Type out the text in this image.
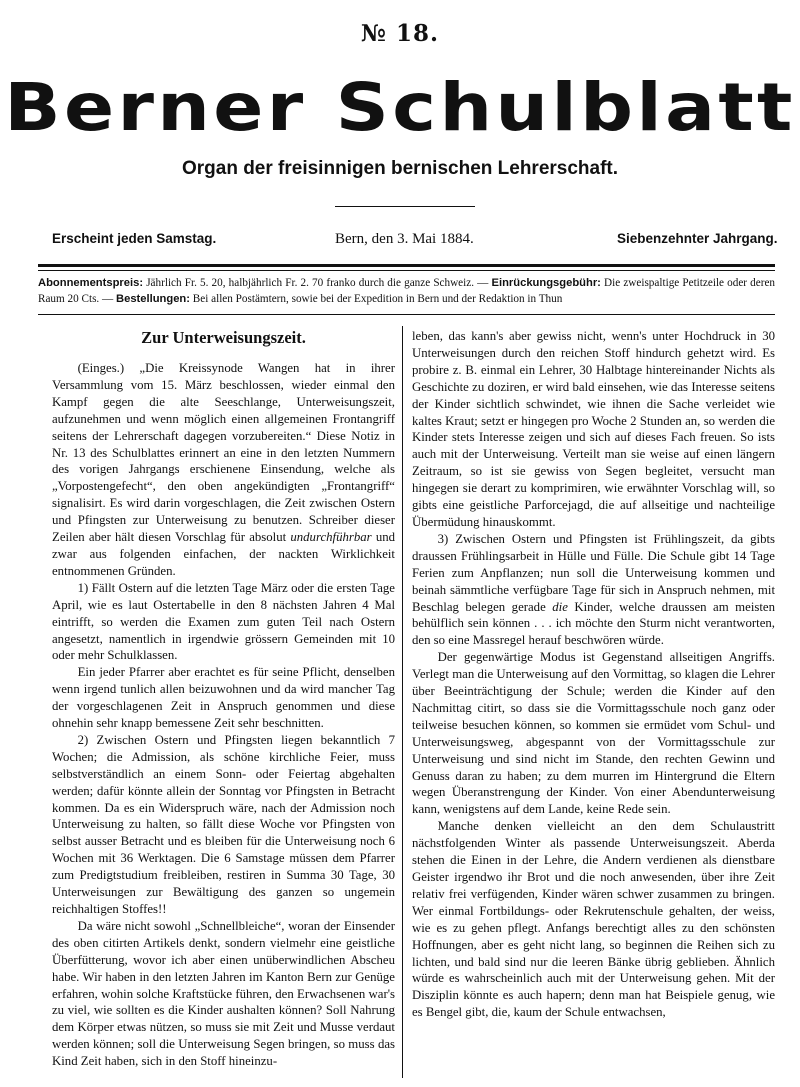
№ 18.
Berner Schulblatt
Organ der freisinnigen bernischen Lehrerschaft.
Erscheint jeden Samstag.	Bern, den 3. Mai 1884.	Siebenzehnter Jahrgang.
Abonnementspreis: Jährlich Fr. 5. 20, halbjährlich Fr. 2. 70 franko durch die ganze Schweiz. — Einrückungsgebühr: Die zweispaltige Petitzeile oder deren Raum 20 Cts. — Bestellungen: Bei allen Postämtern, sowie bei der Expedition in Bern und der Redaktion in Thun
Zur Unterweisungszeit.

(Einges.) „Die Kreissynode Wangen hat in ihrer Versammlung vom 15. März beschlossen, wieder einmal den Kampf gegen die alte Seeschlange, Unterweisungszeit, aufzunehmen und wenn möglich einen allgemeinen Frontangriff seitens der Lehrerschaft dagegen vorzubereiten.“ Diese Notiz in Nr. 13 des Schulblattes erinnert an eine in den letzten Nummern des vorigen Jahrgangs erschienene Einsendung, welche als „Vorpostengefecht“, den oben angekündigten „Frontangriff“ signalisirt. Es wird darin vorgeschlagen, die Zeit zwischen Ostern und Pfingsten zur Unterweisung zu benutzen. Schreiber dieser Zeilen aber hält diesen Vorschlag für absolut undurchführbar und zwar aus folgenden einfachen, der nackten Wirklichkeit entnommenen Gründen.

1) Fällt Ostern auf die letzten Tage März oder die ersten Tage April, wie es laut Ostertabelle in den 8 nächsten Jahren 4 Mal eintrifft, so werden die Examen zum guten Teil nach Ostern angesetzt, namentlich in irgendwie grössern Gemeinden mit 10 oder mehr Schulklassen.

Ein jeder Pfarrer aber erachtet es für seine Pflicht, denselben wenn irgend tunlich allen beizuwohnen und da wird mancher Tag der vorgeschlagenen Zeit in Anspruch genommen und diese ohnehin sehr knapp bemessene Zeit sehr beschnitten.

2) Zwischen Ostern und Pfingsten liegen bekanntlich 7 Wochen; die Admission, als schöne kirchliche Feier, muss selbstverständlich an einem Sonn- oder Feiertag abgehalten werden; dafür könnte allein der Sonntag vor Pfingsten in Betracht kommen. Da es ein Widerspruch wäre, nach der Admission noch Unterweisung zu halten, so fällt diese Woche vor Pfingsten von selbst ausser Betracht und es bleiben für die Unterweisung noch 6 Wochen mit 36 Werktagen. Die 6 Samstage müssen dem Pfarrer zum Predigtstudium freibleiben, restiren in Summa 30 Tage, 30 Unterweisungen zur Bewältigung des ganzen so ungemein reichhaltigen Stoffes!!

Da wäre nicht sowohl „Schnellbleiche“, woran der Einsender des oben citirten Artikels denkt, sondern vielmehr eine geistliche Überfütterung, wovor ich aber einen unüberwindlichen Abscheu habe. Wir haben in den letzten Jahren im Kanton Bern zur Genüge erfahren, wohin solche Kraftstücke führen, den Erwachsenen war's zu viel, wie sollten es die Kinder aushalten können? Soll Nahrung dem Körper etwas nützen, so muss sie mit Zeit und Musse verdaut werden können; soll die Unterweisung Segen bringen, so muss das Kind Zeit haben, sich in den Stoff hineinzu-

leben, das kann's aber gewiss nicht, wenn's unter Hochdruck in 30 Unterweisungen durch den reichen Stoff hindurch gehetzt wird. Es probire z. B. einmal ein Lehrer, 30 Halbtage hintereinander Nichts als Geschichte zu doziren, er wird bald einsehen, wie das Interesse seitens der Kinder sichtlich schwindet, wie ihnen die Sache verleidet wie kaltes Kraut; setzt er hingegen pro Woche 2 Stunden an, so werden die Kinder stets Interesse zeigen und sich auf dieses Fach freuen. So ists auch mit der Unterweisung. Verteilt man sie weise auf einen längern Zeitraum, so ist sie gewiss von Segen begleitet, versucht man hingegen sie derart zu komprimiren, wie erwähnter Vorschlag will, so gibts eine geistliche Parforcejagd, die auf allseitige und nachteilige Übermüdung hinauskommt.

3) Zwischen Ostern und Pfingsten ist Frühlingszeit, da gibts draussen Frühlingsarbeit in Hülle und Fülle. Die Schule gibt 14 Tage Ferien zum Anpflanzen; nun soll die Unterweisung kommen und beinah sämmtliche verfügbare Tage für sich in Anspruch nehmen, mit Beschlag belegen gerade die Kinder, welche draussen am meisten behülflich sein können . . . ich möchte den Sturm nicht verantworten, den so eine Massregel herauf beschwören würde.

Der gegenwärtige Modus ist Gegenstand allseitigen Angriffs. Verlegt man die Unterweisung auf den Vormittag, so klagen die Lehrer über Beeinträchtigung der Schule; werden die Kinder auf den Nachmittag citirt, so dass sie die Vormittagsschule noch ganz oder teilweise besuchen können, so kommen sie ermüdet vom Schul- und Unterweisungsweg, abgespannt von der Vormittagsschule zur Unterweisung und sind nicht im Stande, den rechten Gewinn und Genuss daran zu haben; zu dem murren im Hintergrund die Eltern wegen Überanstrengung der Kinder. Von einer Abendunterweisung kann, wenigstens auf dem Lande, keine Rede sein.

Manche denken vielleicht an den dem Schulaustritt nächstfolgenden Winter als passende Unterweisungszeit. Aberda stehen die Einen in der Lehre, die Andern verdienen als dienstbare Geister irgendwo ihr Brot und die noch anwesenden, über ihre Zeit relativ frei verfügenden, Kinder wären schwer zusammen zu bringen. Wer einmal Fortbildungs- oder Rekrutenschule gehalten, der weiss, wie es zu gehen pflegt. Anfangs berechtigt alles zu den schönsten Hoffnungen, aber es geht nicht lang, so beginnen die Reihen sich zu lichten, und bald sind nur die leeren Bänke übrig geblieben. Ähnlich würde es wahrscheinlich auch mit der Unterweisung gehen. Mit der Disziplin könnte es auch hapern; denn man hat Beispiele genug, wie es Bengel gibt, die, kaum der Schule entwachsen,
